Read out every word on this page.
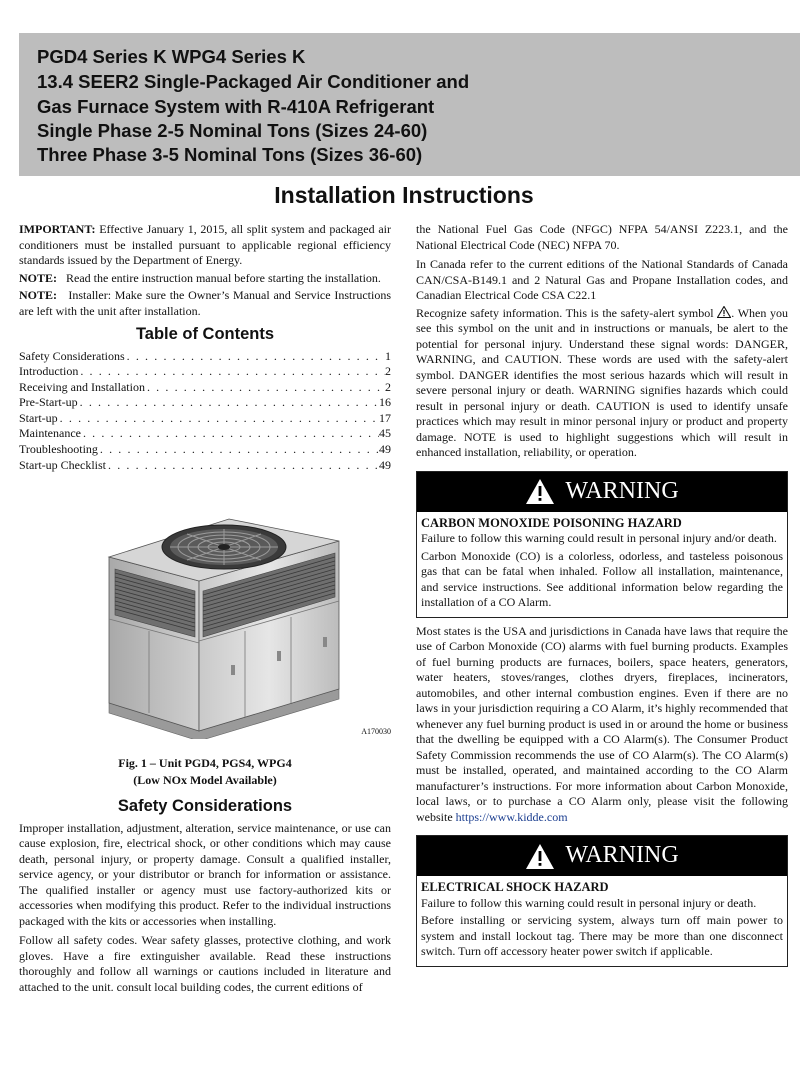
PGD4 Series K WPG4 Series K
13.4 SEER2 Single-Packaged Air Conditioner and
Gas Furnace System with R-410A Refrigerant
Single Phase 2-5 Nominal Tons (Sizes 24-60)
Three Phase 3-5 Nominal Tons (Sizes 36-60)
Installation Instructions

IMPORTANT: Effective January 1, 2015, all split system and packaged air conditioners must be installed pursuant to applicable regional efficiency standards issued by the Department of Energy.

NOTE: Read the entire instruction manual before starting the installation.

NOTE: Installer: Make sure the Owner’s Manual and Service Instructions are left with the unit after installation.

Table of Contents
Safety Considerations . . .	1
Introduction . . .	2
Receiving and Installation . . .	2
Pre-Start-up . . .	16
Start-up . . .	17
Maintenance . . .	45
Troubleshooting . . .	49
Start-up Checklist . . .	49
A170030
Fig. 1 – Unit PGD4, PGS4, WPG4
(Low NOx Model Available)
Safety Considerations

Improper installation, adjustment, alteration, service maintenance, or use can cause explosion, fire, electrical shock, or other conditions which may cause death, personal injury, or property damage. Consult a qualified installer, service agency, or your distributor or branch for information or assistance. The qualified installer or agency must use factory-authorized kits or accessories when modifying this product. Refer to the individual instructions packaged with the kits or accessories when installing.

Follow all safety codes. Wear safety glasses, protective clothing, and work gloves. Have a fire extinguisher available. Read these instructions thoroughly and follow all warnings or cautions included in literature and attached to the unit. consult local building codes, the current editions of

the National Fuel Gas Code (NFGC) NFPA 54/ANSI Z223.1, and the National Electrical Code (NEC) NFPA 70.

In Canada refer to the current editions of the National Standards of Canada CAN/CSA-B149.1 and 2 Natural Gas and Propane Installation codes, and Canadian Electrical Code CSA C22.1

Recognize safety information. This is the safety-alert symbol . When you see this symbol on the unit and in instructions or manuals, be alert to the potential for personal injury. Understand these signal words: DANGER, WARNING, and CAUTION. These words are used with the safety-alert symbol. DANGER identifies the most serious hazards which will result in severe personal injury or death. WARNING signifies hazards which could result in personal injury or death. CAUTION is used to identify unsafe practices which may result in minor personal injury or product and property damage. NOTE is used to highlight suggestions which will result in enhanced installation, reliability, or operation.

WARNING
CARBON MONOXIDE POISONING HAZARD

Failure to follow this warning could result in personal injury and/or death.

Carbon Monoxide (CO) is a colorless, odorless, and tasteless poisonous gas that can be fatal when inhaled. Follow all installation, maintenance, and service instructions. See additional information below regarding the installation of a CO Alarm.

Most states is the USA and jurisdictions in Canada have laws that require the use of Carbon Monoxide (CO) alarms with fuel burning products. Examples of fuel burning products are furnaces, boilers, space heaters, generators, water heaters, stoves/ranges, clothes dryers, fireplaces, incinerators, automobiles, and other internal combustion engines. Even if there are no laws in your jurisdiction requiring a CO Alarm, it’s highly recommended that whenever any fuel burning product is used in or around the home or business that the dwelling be equipped with a CO Alarm(s). The Consumer Product Safety Commission recommends the use of CO Alarm(s). The CO Alarm(s) must be installed, operated, and maintained according to the CO Alarm manufacturer’s instructions. For more information about Carbon Monoxide, local laws, or to purchase a CO Alarm only, please visit the following website https://www.kidde.com

WARNING
ELECTRICAL SHOCK HAZARD

Failure to follow this warning could result in personal injury or death.

Before installing or servicing system, always turn off main power to system and install lockout tag. There may be more than one disconnect switch. Turn off accessory heater power switch if applicable.
